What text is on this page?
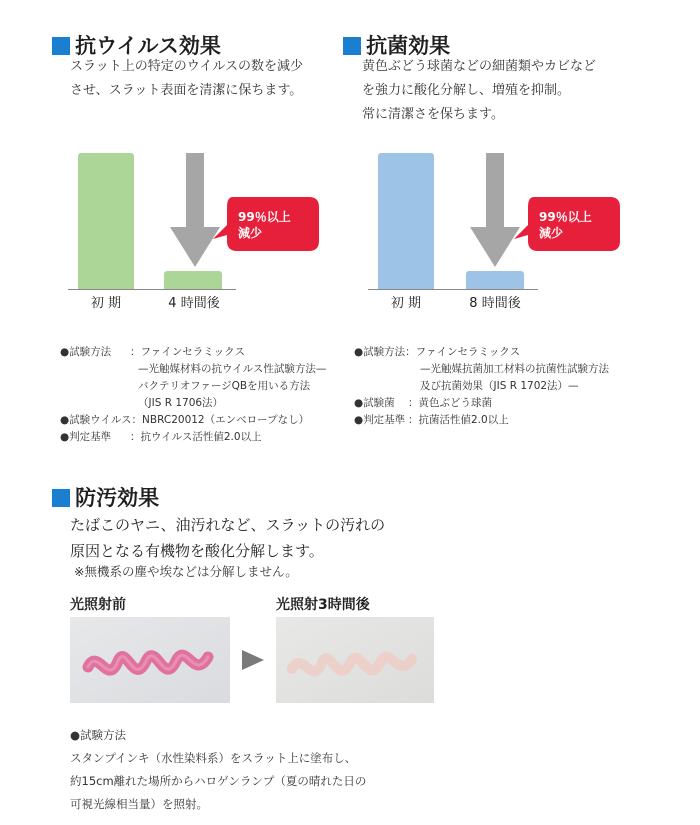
抗ウイルス効果
スラット上の特定のウイルスの数を減少
させ、スラット表面を清潔に保ちます。
99％以上
減少
初 期	4 時間後
●試験方法	： ファインセラミックス
—光触媒材料の抗ウイルス性試験方法—
バクテリオファージQBを用いる方法
（JIS R 1706法）
●試験ウイルス ： NBRC20012（エンベロープなし）
●判定基準	： 抗ウイルス活性値2.0以上
抗菌効果
黄色ぶどう球菌などの細菌類やカビなど
を強力に酸化分解し、増殖を抑制。
常に清潔さを保ちます。
99％以上
減少
初 期	8 時間後
●試験方法 ： ファインセラミックス
—光触媒抗菌加工材料の抗菌性試験方法
及び抗菌効果（JIS R 1702法）—
●試験菌	： 黄色ぶどう球菌
●判定基準 ： 抗菌活性値2.0以上
防汚効果
たばこのヤニ、油汚れなど、スラットの汚れの
原因となる有機物を酸化分解します。
※無機系の塵や埃などは分解しません。
光照射前	光照射3時間後
●試験方法
スタンプインキ（水性染料系）をスラット上に塗布し、
約15cm離れた場所からハロゲンランプ（夏の晴れた日の
可視光線相当量）を照射。
